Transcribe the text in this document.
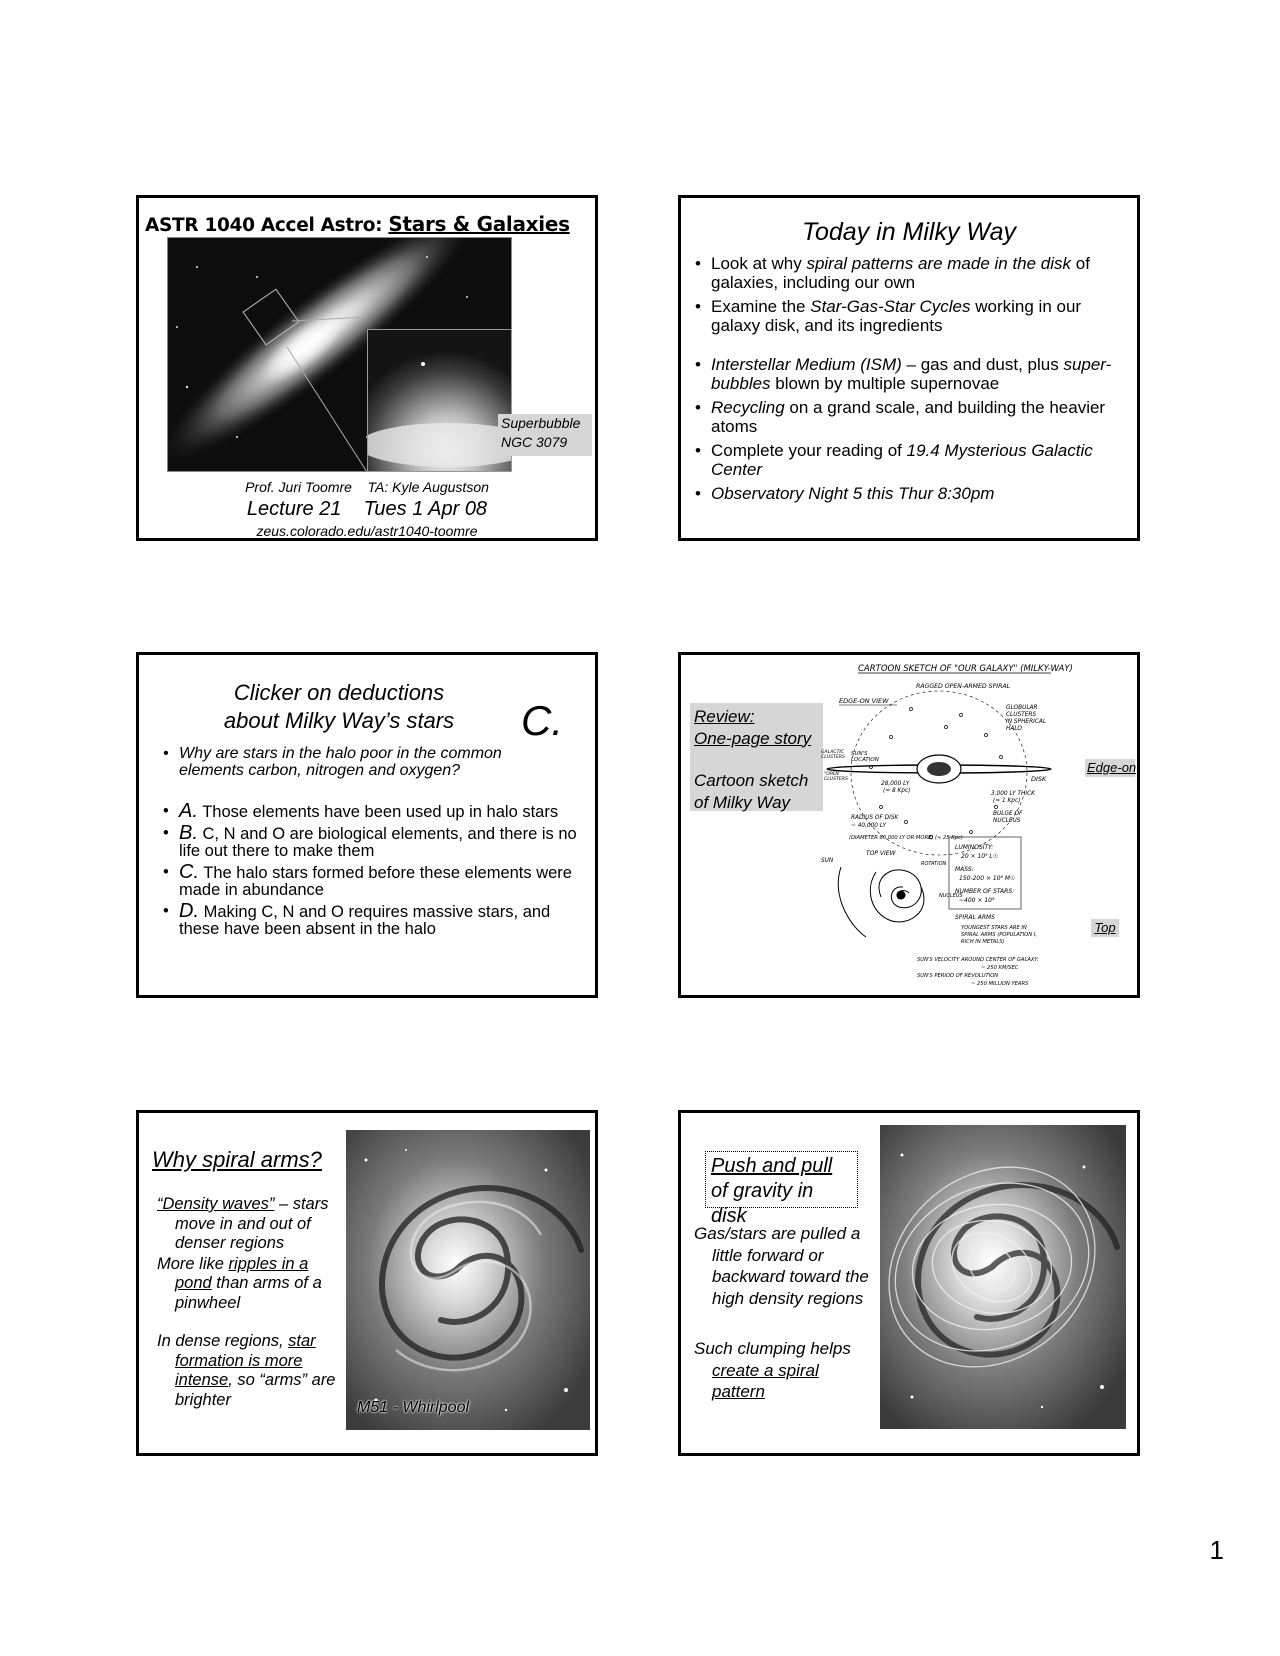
ASTR 1040 Accel Astro: Stars & Galaxies
Superbubble
NGC 3079
Prof. Juri Toomre    TA: Kyle Augustson
Lecture 21    Tues 1 Apr 08
zeus.colorado.edu/astr1040-toomre
Today in Milky Way
• Look at why spiral patterns are made in the disk of galaxies, including our own
• Examine the Star-Gas-Star Cycles working in our galaxy disk, and its ingredients
• Interstellar Medium (ISM) – gas and dust, plus super-bubbles blown by multiple supernovae
• Recycling on a grand scale, and building the heavier atoms
• Complete your reading of 19.4 Mysterious Galactic Center
• Observatory Night 5 this Thur 8:30pm
Clicker on deductions
about Milky Way’s stars	C.
• Why are stars in the halo poor in the common elements carbon, nitrogen and oxygen?
• A. Those elements have been used up in halo stars
• B. C, N and O are biological elements, and there is no life out there to make them
• C. The halo stars formed before these elements were made in abundance
• D. Making C, N and O requires massive stars, and these have been absent in the halo
Review:
One-page story
Cartoon sketch
of Milky Way
CARTOON SKETCH OF "OUR GALAXY" (MILKY-WAY)
RAGGED OPEN-ARMED SPIRAL
EDGE-ON VIEW
GLOBULAR CLUSTERS IN SPHERICAL HALO
SUN'S LOCATION
GALACTIC CLUSTERS
"OPEN CLUSTERS	DISK
28,000 LY (≈ 8 Kpc)	3,000 LY THICK (≈ 1 Kpc)
BULGE OF NUCLEUS
RADIUS OF DISK ~ 40,000 LY
(DIAMETER 80,000 LY OR MORE) (≈ 25 Kpc)
SUN
TOP VIEW
ROTATION
NUCLEUS
LUMINOSITY: 20 × 10⁹ L☉
MASS: 150-200 × 10⁹ M☉
NUMBER OF STARS: ~400 × 10⁹
SPIRAL ARMS
YOUNGEST STARS ARE IN SPIRAL ARMS (POPULATION I, RICH IN METALS)
SUN'S VELOCITY AROUND CENTER OF GALAXY: ~ 250 KM/SEC
SUN'S PERIOD OF REVOLUTION ~ 250 MILLION YEARS
Edge-on
Top
Why spiral arms?

“Density waves” – stars move in and out of denser regions

More like ripples in a pond than arms of a pinwheel

In dense regions, star formation is more intense, so “arms” are brighter	M51 - Whirlpool
Push and pull of gravity in disk

Gas/stars are pulled a little forward or backward toward the high density regions

Such clumping helps create a spiral pattern

1
